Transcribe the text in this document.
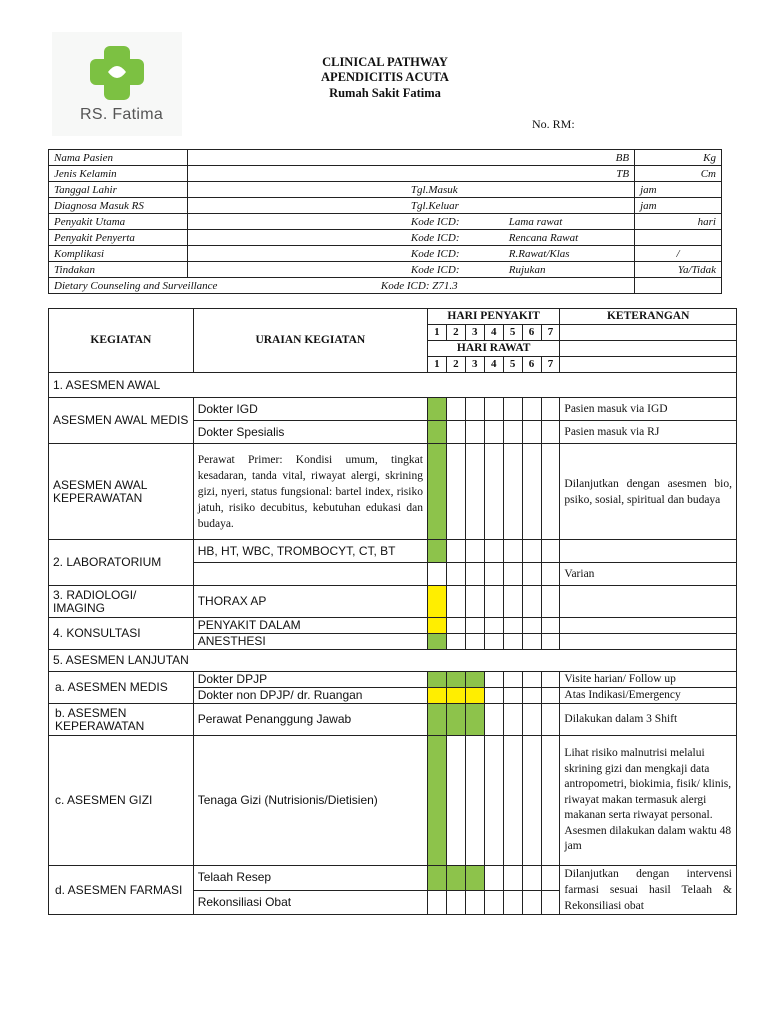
RS. Fatima
CLINICAL PATHWAY
APENDICITIS ACUTA
Rumah Sakit Fatima
No. RM:
Nama Pasien	BB			Kg
Jenis Kelamin	TB			Cm
Tanggal Lahir		Tgl.Masuk		jam
Diagnosa Masuk RS		Tgl.Keluar		jam
Penyakit Utama		Kode ICD:	Lama rawat	hari
Penyakit Penyerta		Kode ICD:	Rencana Rawat	
Komplikasi		Kode ICD:	R.Rawat/Klas	/
Tindakan		Kode ICD:	Rujukan	Ya/Tidak
Dietary Counseling and Surveillance		Kode ICD: Z71.3		
KEGIATAN	URAIAN KEGIATAN	HARI PENYAKIT							KETERANGAN
		1	2	3	4	5	6	7	
		HARI RAWAT							
		1	2	3	4	5	6	7	
1. ASESMEN AWAL									
ASESMEN AWAL MEDIS	Dokter IGD								Pasien masuk via IGD
	Dokter Spesialis								Pasien masuk via RJ
ASESMEN AWAL KEPERAWATAN	Perawat Primer: Kondisi umum, tingkat kesadaran, tanda vital, riwayat alergi, skrining gizi, nyeri, status fungsional: bartel index, risiko jatuh, risiko decubitus, kebutuhan edukasi dan budaya.								Dilanjutkan dengan asesmen bio, psiko, sosial, spiritual dan budaya
2. LABORATORIUM	HB, HT, WBC, TROMBOCYT, CT, BT								
									Varian
3. RADIOLOGI/ IMAGING	THORAX AP								
4. KONSULTASI	PENYAKIT DALAM								
	ANESTHESI								
5. ASESMEN LANJUTAN									
a. ASESMEN MEDIS	Dokter DPJP								Visite harian/ Follow up
	Dokter non DPJP/ dr. Ruangan								Atas Indikasi/Emergency
b. ASESMEN KEPERAWATAN	Perawat Penanggung Jawab								Dilakukan dalam 3 Shift
c. ASESMEN GIZI	Tenaga Gizi (Nutrisionis/Dietisien)								Lihat risiko malnutrisi melalui skrining gizi dan mengkaji data antropometri, biokimia, fisik/ klinis, riwayat makan termasuk alergi makanan serta riwayat personal. Asesmen dilakukan dalam waktu 48 jam
d. ASESMEN FARMASI	Telaah Resep								Dilanjutkan dengan intervensi farmasi sesuai hasil Telaah & Rekonsiliasi obat
	Rekonsiliasi Obat								
